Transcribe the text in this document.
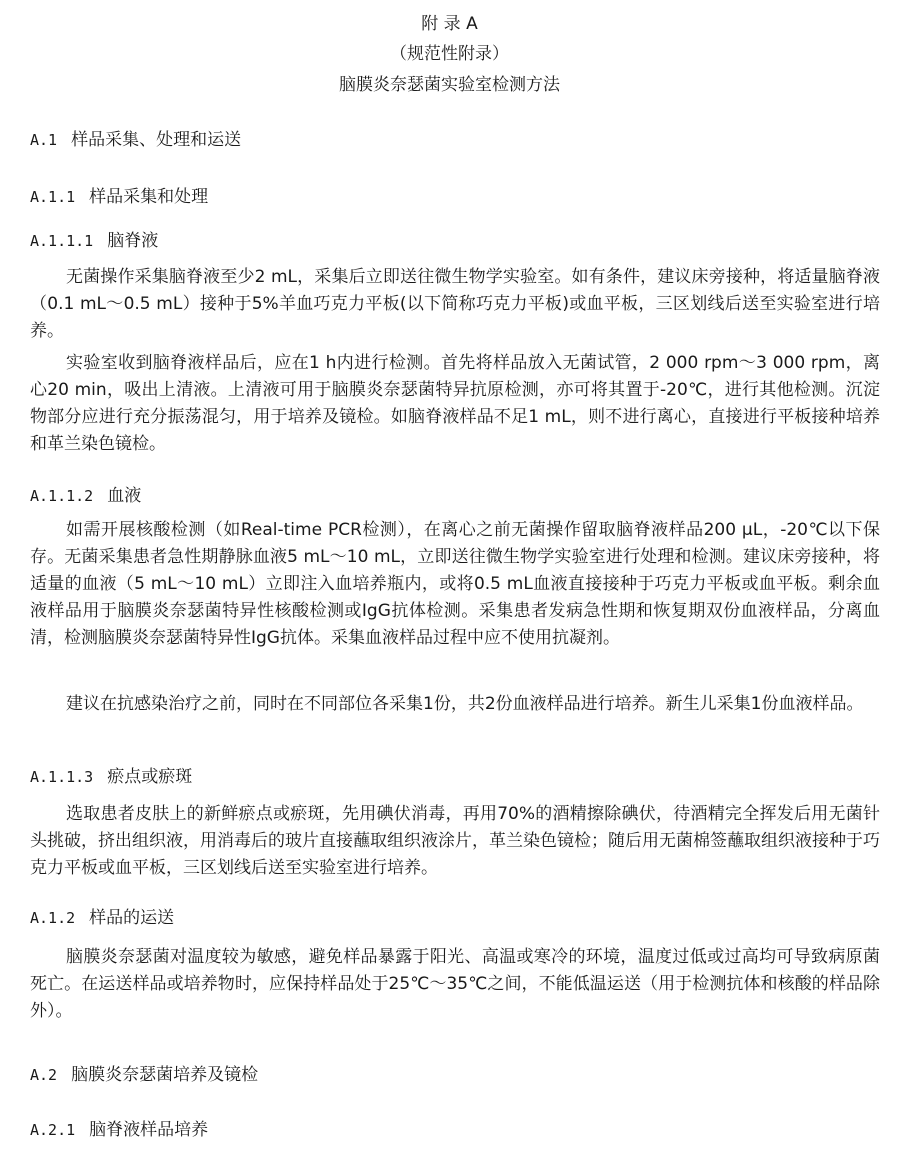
附 录 A
（规范性附录）
脑膜炎奈瑟菌实验室检测方法
A.1 样品采集、处理和运送
A.1.1 样品采集和处理
A.1.1.1 脑脊液

无菌操作采集脑脊液至少2 mL，采集后立即送往微生物学实验室。如有条件，建议床旁接种，将适量脑脊液（0.1 mL～0.5 mL）接种于5%羊血巧克力平板(以下简称巧克力平板)或血平板，三区划线后送至实验室进行培养。

实验室收到脑脊液样品后，应在1 h内进行检测。首先将样品放入无菌试管，2 000 rpm～3 000 rpm，离心20 min，吸出上清液。上清液可用于脑膜炎奈瑟菌特异抗原检测，亦可将其置于-20℃，进行其他检测。沉淀物部分应进行充分振荡混匀，用于培养及镜检。如脑脊液样品不足1 mL，则不进行离心，直接进行平板接种培养和革兰染色镜检。

A.1.1.2 血液

如需开展核酸检测（如Real-time PCR检测），在离心之前无菌操作留取脑脊液样品200 μL，-20℃以下保存。无菌采集患者急性期静脉血液5 mL～10 mL，立即送往微生物学实验室进行处理和检测。建议床旁接种，将适量的血液（5 mL～10 mL）立即注入血培养瓶内，或将0.5 mL血液直接接种于巧克力平板或血平板。剩余血液样品用于脑膜炎奈瑟菌特异性核酸检测或IgG抗体检测。采集患者发病急性期和恢复期双份血液样品，分离血清，检测脑膜炎奈瑟菌特异性IgG抗体。采集血液样品过程中应不使用抗凝剂。

建议在抗感染治疗之前，同时在不同部位各采集1份，共2份血液样品进行培养。新生儿采集1份血液样品。

A.1.1.3 瘀点或瘀斑

选取患者皮肤上的新鲜瘀点或瘀斑，先用碘伏消毒，再用70%的酒精擦除碘伏，待酒精完全挥发后用无菌针头挑破，挤出组织液，用消毒后的玻片直接蘸取组织液涂片，革兰染色镜检；随后用无菌棉签蘸取组织液接种于巧克力平板或血平板，三区划线后送至实验室进行培养。

A.1.2 样品的运送

脑膜炎奈瑟菌对温度较为敏感，避免样品暴露于阳光、高温或寒冷的环境，温度过低或过高均可导致病原菌死亡。在运送样品或培养物时，应保持样品处于25℃～35℃之间，不能低温运送（用于检测抗体和核酸的样品除外）。

A.2 脑膜炎奈瑟菌培养及镜检
A.2.1 脑脊液样品培养
